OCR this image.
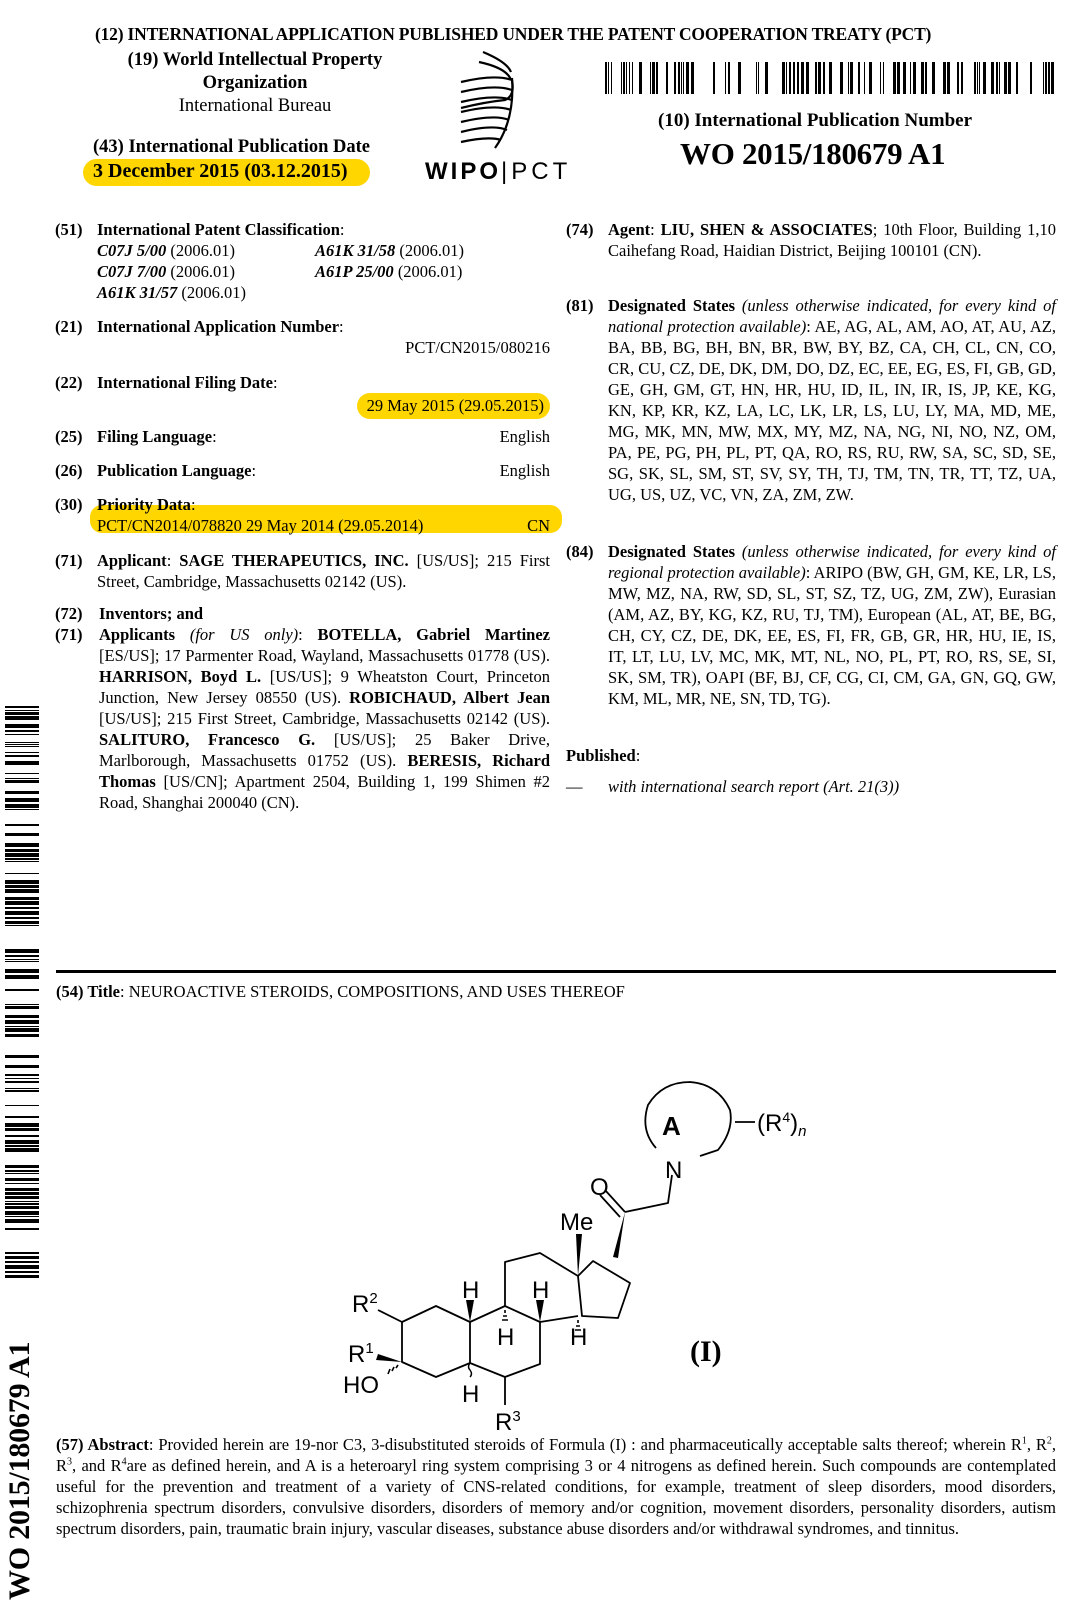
(12) INTERNATIONAL APPLICATION PUBLISHED UNDER THE PATENT COOPERATION TREATY (PCT)
(19) World Intellectual Property
Organization
International Bureau
(43) International Publication Date
3 December 2015 (03.12.2015)	WIPO|PCT
(10) International Publication Number
WO 2015/180679 A1
(51) International Patent Classification:
C07J 5/00 (2006.01)	A61K 31/58 (2006.01)
C07J 7/00 (2006.01)	A61P 25/00 (2006.01)
A61K 31/57 (2006.01)
(21) International Application Number:
PCT/CN2015/080216
(22) International Filing Date:
29 May 2015 (29.05.2015)
(25) Filing Language:	English
(26) Publication Language:	English
(30) Priority Data:
PCT/CN2014/078820 29 May 2014 (29.05.2014)	CN
(71) Applicant: SAGE THERAPEUTICS, INC. [US/US]; 215 First Street, Cambridge, Massachusetts 02142 (US).
(72) Inventors; and
(71) Applicants (for US only): BOTELLA, Gabriel Martinez [ES/US]; 17 Parmenter Road, Wayland, Massachusetts 01778 (US). HARRISON, Boyd L. [US/US]; 9 Wheatston Court, Princeton Junction, New Jersey 08550 (US). ROBICHAUD, Albert Jean [US/US]; 215 First Street, Cambridge, Massachusetts 02142 (US). SALITURO, Francesco G. [US/US]; 25 Baker Drive, Marlborough, Massachusetts 01752 (US). BERESIS, Richard Thomas [US/CN]; Apartment 2504, Building 1, 199 Shimen #2 Road, Shanghai 200040 (CN).
(74) Agent: LIU, SHEN & ASSOCIATES; 10th Floor, Building 1,10 Caihefang Road, Haidian District, Beijing 100101 (CN).
(81) Designated States (unless otherwise indicated, for every kind of national protection available): AE, AG, AL, AM, AO, AT, AU, AZ, BA, BB, BG, BH, BN, BR, BW, BY, BZ, CA, CH, CL, CN, CO, CR, CU, CZ, DE, DK, DM, DO, DZ, EC, EE, EG, ES, FI, GB, GD, GE, GH, GM, GT, HN, HR, HU, ID, IL, IN, IR, IS, JP, KE, KG, KN, KP, KR, KZ, LA, LC, LK, LR, LS, LU, LY, MA, MD, ME, MG, MK, MN, MW, MX, MY, MZ, NA, NG, NI, NO, NZ, OM, PA, PE, PG, PH, PL, PT, QA, RO, RS, RU, RW, SA, SC, SD, SE, SG, SK, SL, SM, ST, SV, SY, TH, TJ, TM, TN, TR, TT, TZ, UA, UG, US, UZ, VC, VN, ZA, ZM, ZW.
(84) Designated States (unless otherwise indicated, for every kind of regional protection available): ARIPO (BW, GH, GM, KE, LR, LS, MW, MZ, NA, RW, SD, SL, ST, SZ, TZ, UG, ZM, ZW), Eurasian (AM, AZ, BY, KG, KZ, RU, TJ, TM), European (AL, AT, BE, BG, CH, CY, CZ, DE, DK, EE, ES, FI, FR, GB, GR, HR, HU, IE, IS, IT, LT, LU, LV, MC, MK, MT, NL, NO, PL, PT, RO, RS, SE, SI, SK, SM, TR), OAPI (BF, BJ, CF, CG, CI, CM, GA, GN, GQ, GW, KM, ML, MR, NE, SN, TD, TG).
Published:
—	with international search report (Art. 21(3))
WO 2015/180679 A1
(54) Title: NEUROACTIVE STEROIDS, COMPOSITIONS, AND USES THEREOF
A	$(R^4)_n$
N
O
Me
H H
H H
H
$R^2$
$R^1$
HO
$R^3$
(I)
(57) Abstract: Provided herein are 19-nor C3, 3-disubstituted steroids of Formula (I) : and pharmaceutically acceptable salts thereof; wherein $R^1$, $R^2$, $R^3$, and $R^4are$ as defined herein, and A is a heteroaryl ring system comprising 3 or 4 nitrogens as defined herein. Such compounds are contemplated useful for the prevention and treatment of a variety of CNS-related conditions, for example, treatment of sleep disorders, mood disorders, schizophrenia spectrum disorders, convulsive disorders, disorders of memory and/or cognition, movement disorders, personality disorders, autism spectrum disorders, pain, traumatic brain injury, vascular diseases, substance abuse disorders and/or withdrawal syndromes, and tinnitus.
